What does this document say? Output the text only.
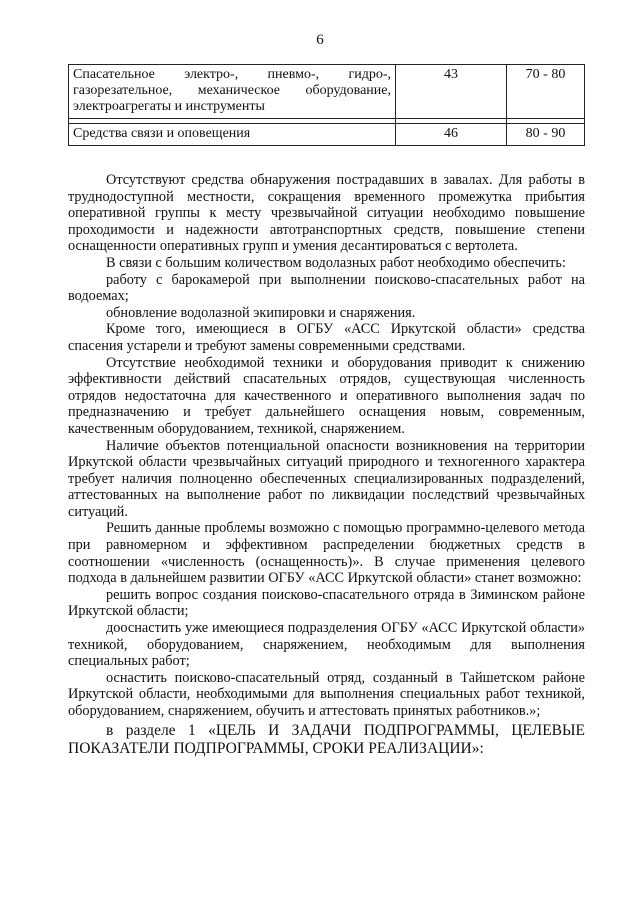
6
Спасательное электро-, пневмо-, гидро-, газорезательное, механическое оборудование, электроагрегаты и инструменты	43	70 - 80

Средства связи и оповещения	46	80 - 90

Отсутствуют средства обнаружения пострадавших в завалах. Для работы в труднодоступной местности, сокращения временного промежутка прибытия оперативной группы к месту чрезвычайной ситуации необходимо повышение проходимости и надежности автотранспортных средств, повышение степени оснащенности оперативных групп и умения десантироваться с вертолета.

В связи с большим количеством водолазных работ необходимо обеспечить:

работу с барокамерой при выполнении поисково-спасательных работ на водоемах;

обновление водолазной экипировки и снаряжения.

Кроме того, имеющиеся в ОГБУ «АСС Иркутской области» средства спасения устарели и требуют замены современными средствами.

Отсутствие необходимой техники и оборудования приводит к снижению эффективности действий спасательных отрядов, существующая численность отрядов недостаточна для качественного и оперативного выполнения задач по предназначению и требует дальнейшего оснащения новым, современным, качественным оборудованием, техникой, снаряжением.

Наличие объектов потенциальной опасности возникновения на территории Иркутской области чрезвычайных ситуаций природного и техногенного характера требует наличия полноценно обеспеченных специализированных подразделений, аттестованных на выполнение работ по ликвидации последствий чрезвычайных ситуаций.

Решить данные проблемы возможно с помощью программно-целевого метода при равномерном и эффективном распределении бюджетных средств в соотношении «численность (оснащенность)». В случае применения целевого подхода в дальнейшем развитии ОГБУ «АСС Иркутской области» станет возможно:

решить вопрос создания поисково-спасательного отряда в Зиминском районе Иркутской области;

дооснастить уже имеющиеся подразделения ОГБУ «АСС Иркутской области» техникой, оборудованием, снаряжением, необходимым для выполнения специальных работ;

оснастить поисково-спасательный отряд, созданный в Тайшетском районе Иркутской области, необходимыми для выполнения специальных работ техникой, оборудованием, снаряжением, обучить и аттестовать принятых работников.»;

в разделе 1 «ЦЕЛЬ И ЗАДАЧИ ПОДПРОГРАММЫ, ЦЕЛЕВЫЕ ПОКАЗАТЕЛИ ПОДПРОГРАММЫ, СРОКИ РЕАЛИЗАЦИИ»:
